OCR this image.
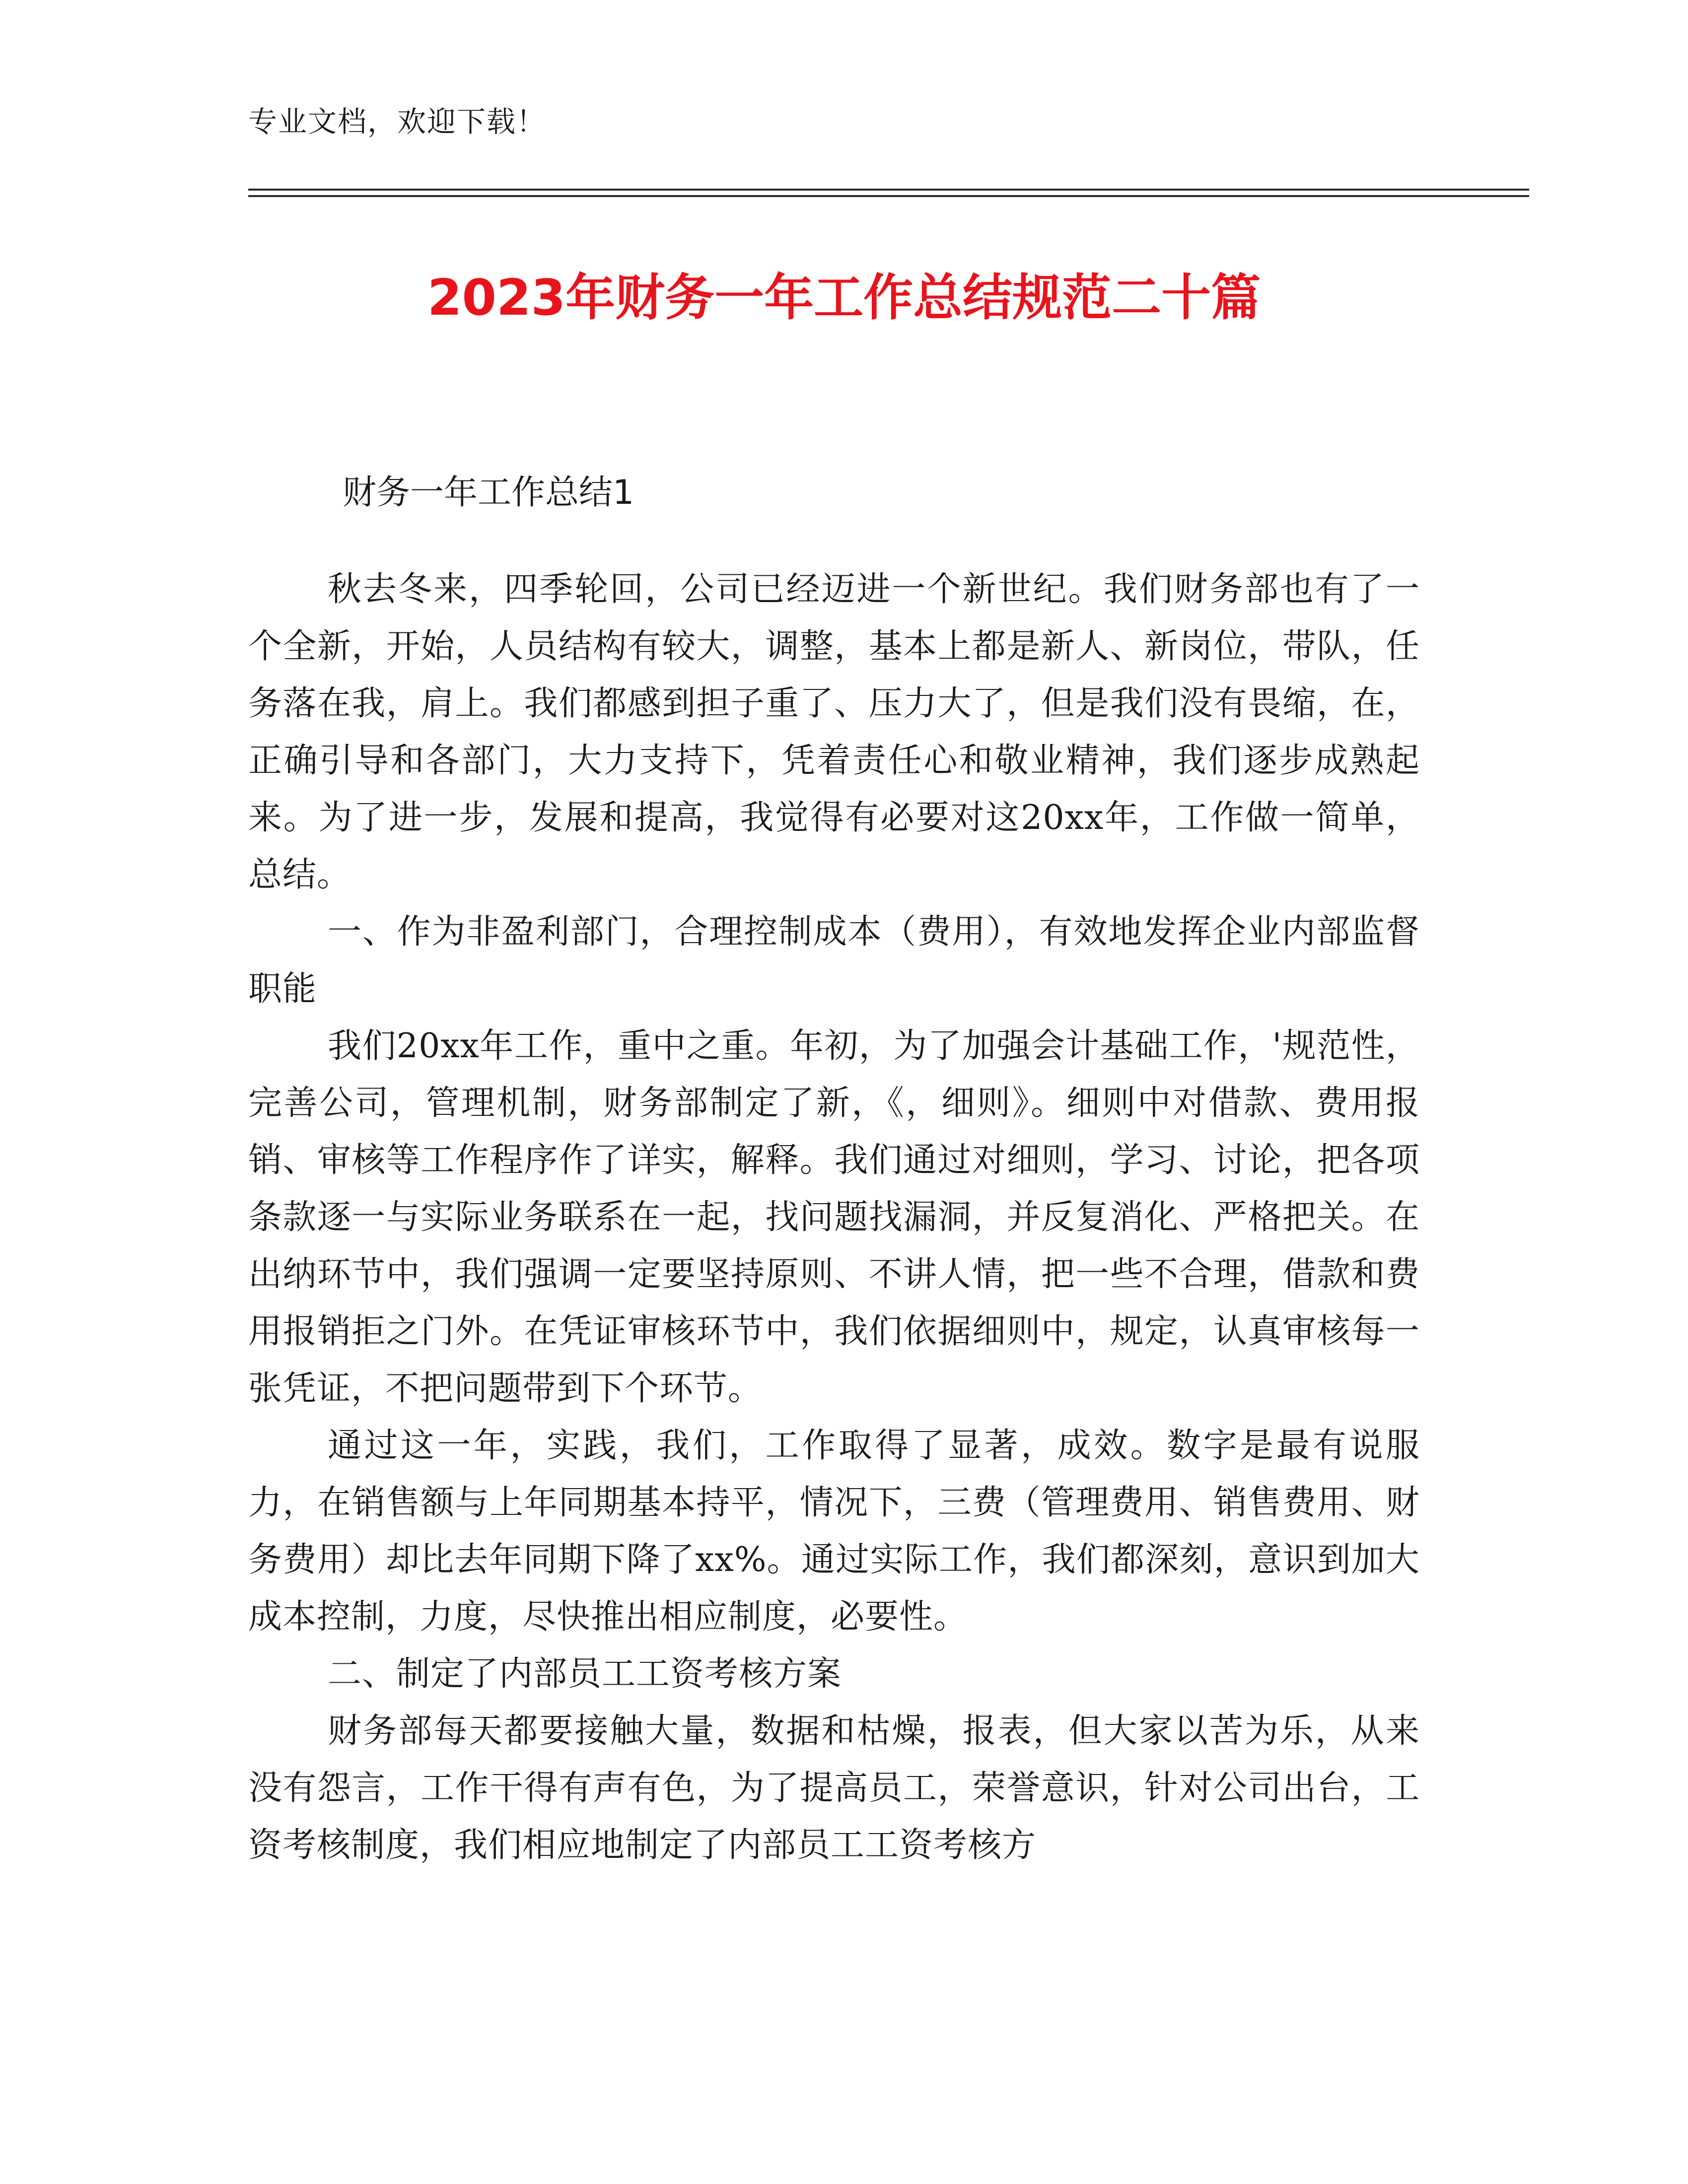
专业文档，欢迎下载！
2023年财务一年工作总结规范二十篇
财务一年工作总结1

秋去冬来，四季轮回，公司已经迈进一个新世纪。我们财务部也有了一个全新，开始，人员结构有较大，调整，基本上都是新人、新岗位，带队，任务落在我，肩上。我们都感到担子重了、压力大了，但是我们没有畏缩，在，正确引导和各部门，大力支持下，凭着责任心和敬业精神，我们逐步成熟起来。为了进一步，发展和提高，我觉得有必要对这20xx年，工作做一简单，总结。

一、作为非盈利部门，合理控制成本（费用），有效地发挥企业内部监督职能

我们20xx年工作，重中之重。年初，为了加强会计基础工作，'规范性，完善公司，管理机制，财务部制定了新，《，细则》。细则中对借款、费用报销、审核等工作程序作了详实，解释。我们通过对细则，学习、讨论，把各项条款逐一与实际业务联系在一起，找问题找漏洞，并反复消化、严格把关。在出纳环节中，我们强调一定要坚持原则、不讲人情，把一些不合理，借款和费用报销拒之门外。在凭证审核环节中，我们依据细则中，规定，认真审核每一张凭证，不把问题带到下个环节。

通过这一年，实践，我们，工作取得了显著，成效。数字是最有说服力，在销售额与上年同期基本持平，情况下，三费（管理费用、销售费用、财务费用）却比去年同期下降了xx%。通过实际工作，我们都深刻，意识到加大成本控制，力度，尽快推出相应制度，必要性。

二、制定了内部员工工资考核方案

财务部每天都要接触大量，数据和枯燥，报表，但大家以苦为乐，从来没有怨言，工作干得有声有色，为了提高员工，荣誉意识，针对公司出台，工资考核制度，我们相应地制定了内部员工工资考核方
